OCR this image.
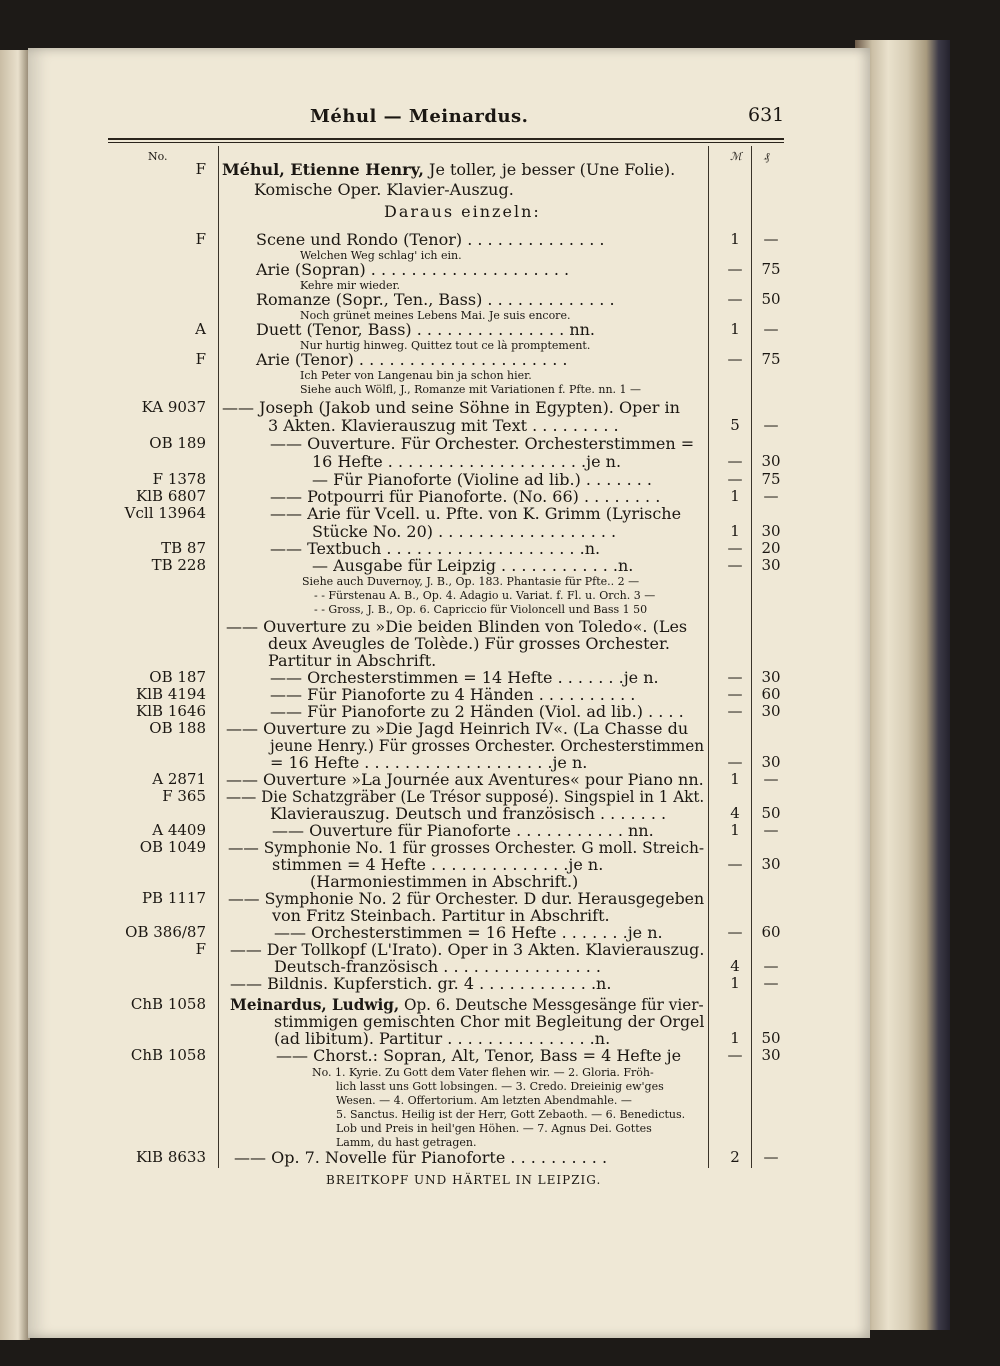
Méhul — Meinardus.	631
No.	ℳ ₰
F Méhul, Etienne Henry, Je toller, je besser (Une Folie).
Komische Oper. Klavier-Auszug.
Daraus einzeln:
F	Scene und Rondo (Tenor) . . . . . . . . . . . . . .	1	—
Welchen Weg schlag' ich ein.
Arie (Sopran) . . . . . . . . . . . . . . . . . . . .	—	75
Kehre mir wieder.
Romanze (Sopr., Ten., Bass) . . . . . . . . . . . . .	—	50
Noch grünet meines Lebens Mai. Je suis encore.
A	Duett (Tenor, Bass) . . . . . . . . . . . . . . . nn.	1	—
Nur hurtig hinweg. Quittez tout ce là promptement.
F	Arie (Tenor) . . . . . . . . . . . . . . . . . . . . .	—	75
Ich Peter von Langenau bin ja schon hier.
Siehe auch Wölfl, J., Romanze mit Variationen f. Pfte. nn. 1 —
KA 9037 —— Joseph (Jakob und seine Söhne in Egypten). Oper in
3 Akten. Klavierauszug mit Text . . . . . . . . .	5	—
OB 189	—— Ouverture. Für Orchester. Orchesterstimmen =
16 Hefte . . . . . . . . . . . . . . . . . . . .je n.	—	30
F 1378	— Für Pianoforte (Violine ad lib.) . . . . . . .	—	75
KlB 6807	—— Potpourri für Pianoforte. (No. 66) . . . . . . . .	1	—
Vcll 13964	—— Arie für Vcell. u. Pfte. von K. Grimm (Lyrische
Stücke No. 20) . . . . . . . . . . . . . . . . . .	1	30
TB 87	—— Textbuch . . . . . . . . . . . . . . . . . . . .n.	—	20
TB 228	— Ausgabe für Leipzig . . . . . . . . . . . .n.	—	30
Siehe auch Duvernoy, J. B., Op. 183. Phantasie für Pfte.. 2 —
- - Fürstenau A. B., Op. 4. Adagio u. Variat. f. Fl. u. Orch. 3 —
- - Gross, J. B., Op. 6. Capriccio für Violoncell und Bass 1 50
—— Ouverture zu »Die beiden Blinden von Toledo«. (Les
deux Aveugles de Tolède.) Für grosses Orchester.
Partitur in Abschrift.
OB 187	—— Orchesterstimmen = 14 Hefte . . . . . . .je n.	—	30
KlB 4194	—— Für Pianoforte zu 4 Händen . . . . . . . . . .	—	60
KlB 1646	—— Für Pianoforte zu 2 Händen (Viol. ad lib.) . . . .	—	30
OB 188 —— Ouverture zu »Die Jagd Heinrich IV«. (La Chasse du
jeune Henry.) Für grosses Orchester. Orchesterstimmen
= 16 Hefte . . . . . . . . . . . . . . . . . . .je n.	—	30
A 2871 —— Ouverture »La Journée aux Aventures« pour Piano nn.	1	—
F 365 —— Die Schatzgräber (Le Trésor supposé). Singspiel in 1 Akt.
Klavierauszug. Deutsch und französisch . . . . . . .	4	50
A 4409	—— Ouverture für Pianoforte . . . . . . . . . . . nn.	1	—
OB 1049 —— Symphonie No. 1 für grosses Orchester. G moll. Streich-
stimmen = 4 Hefte . . . . . . . . . . . . . .je n.	—	30
(Harmoniestimmen in Abschrift.)
PB 1117 —— Symphonie No. 2 für Orchester. D dur. Herausgegeben
von Fritz Steinbach. Partitur in Abschrift.
OB 386/87	—— Orchesterstimmen = 16 Hefte . . . . . . .je n.	—	60
F —— Der Tollkopf (L'Irato). Oper in 3 Akten. Klavierauszug.
Deutsch-französisch . . . . . . . . . . . . . . . .	4	—
—— Bildnis. Kupferstich. gr. 4 . . . . . . . . . . . .n.	1	—
ChB 1058 Meinardus, Ludwig, Op. 6. Deutsche Messgesänge für vier-
stimmigen gemischten Chor mit Begleitung der Orgel
(ad libitum). Partitur . . . . . . . . . . . . . . .n.	1	50
ChB 1058	—— Chorst.: Sopran, Alt, Tenor, Bass = 4 Hefte je	—	30
No. 1. Kyrie. Zu Gott dem Vater flehen wir. — 2. Gloria. Fröh-
lich lasst uns Gott lobsingen. — 3. Credo. Dreieinig ew'ges
Wesen. — 4. Offertorium. Am letzten Abendmahle. —
5. Sanctus. Heilig ist der Herr, Gott Zebaoth. — 6. Benedictus.
Lob und Preis in heil'gen Höhen. — 7. Agnus Dei. Gottes
Lamm, du hast getragen.
KlB 8633 —— Op. 7. Novelle für Pianoforte . . . . . . . . . .	2	—
BREITKOPF UND HÄRTEL IN LEIPZIG.
